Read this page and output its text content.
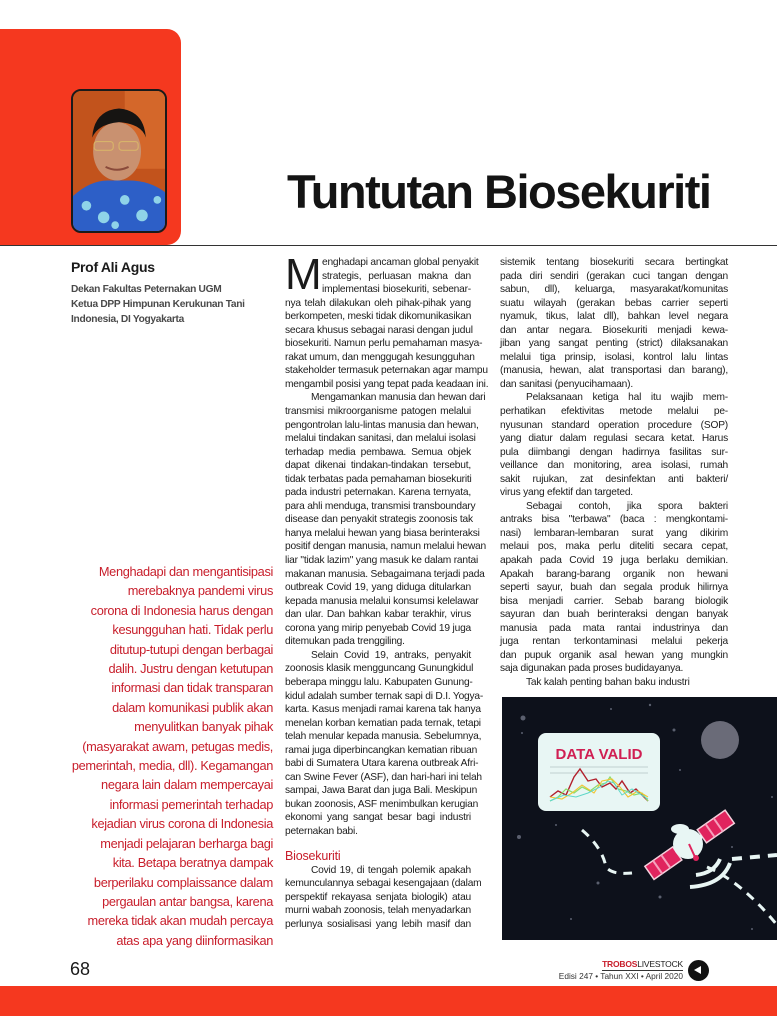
Tuntutan Biosekuriti
Prof Ali Agus
Dekan Fakultas Peternakan UGM
Ketua DPP Himpunan Kerukunan Tani
Indonesia, DI Yogyakarta
Menghadapi dan mengantisipasi
merebaknya pandemi virus
corona di Indonesia harus dengan
kesungguhan hati. Tidak perlu
ditutup-tutupi dengan berbagai
dalih. Justru dengan ketutupan
informasi dan tidak transparan
dalam komunikasi publik akan
menyulitkan banyak pihak
(masyarakat awam, petugas medis,
pemerintah, media, dll). Kegamangan
negara lain dalam mempercayai
informasi pemerintah terhadap
kejadian virus corona di Indonesia
menjadi pelajaran berharga bagi
kita. Betapa beratnya dampak
berperilaku complaissance dalam
pergaulan antar bangsa, karena
mereka tidak akan mudah percaya
atas apa yang diinformasikan
M enghadapi ancaman global penyakit
strategis, perluasan makna dan
implementasi biosekuriti, sebenar-
nya telah dilakukan oleh pihak-pihak yang
berkompeten, meski tidak dikomunikasikan
secara khusus sebagai narasi dengan judul
biosekuriti. Namun perlu pemahaman masya-
rakat umum, dan menggugah kesungguhan
stakeholder termasuk peternakan agar mampu
mengambil posisi yang tepat pada keadaan ini.
Mengamankan manusia dan hewan dari
transmisi mikroorganisme patogen melalui
pengontrolan lalu-lintas manusia dan hewan,
melalui tindakan sanitasi, dan melalui isolasi
terhadap media pembawa. Semua objek
dapat dikenai tindakan-tindakan tersebut,
tidak terbatas pada pemahaman biosekuriti
pada industri peternakan. Karena ternyata,
para ahli menduga, transmisi transboundary
disease dan penyakit strategis zoonosis tak
hanya melalui hewan yang biasa berinteraksi
positif dengan manusia, namun melalui hewan
liar "tidak lazim" yang masuk ke dalam rantai
makanan manusia. Sebagaimana terjadi pada
outbreak Covid 19, yang diduga ditularkan
kepada manusia melalui konsumsi kelelawar
dan ular. Dan bahkan kabar terakhir, virus
corona yang mirip penyebab Covid 19 juga
ditemukan pada trenggiling.
Selain Covid 19, antraks, penyakit
zoonosis klasik mengguncang Gunungkidul
beberapa minggu lalu. Kabupaten Gunung-
kidul adalah sumber ternak sapi di D.I. Yogya-
karta. Kasus menjadi ramai karena tak hanya
menelan korban kematian pada ternak, tetapi
telah menular kepada manusia. Sebelumnya,
ramai juga diperbincangkan kematian ribuan
babi di Sumatera Utara karena outbreak Afri-
can Swine Fever (ASF), dan hari-hari ini telah
sampai, Jawa Barat dan juga Bali. Meskipun
bukan zoonosis, ASF menimbulkan kerugian
ekonomi yang sangat besar bagi industri
peternakan babi.
Biosekuriti
Covid 19, di tengah polemik apakah
kemunculannya sebagai kesengajaan (dalam
perspektif rekayasa senjata biologik) atau
murni wabah zoonosis, telah menyadarkan
perlunya sosialisasi yang lebih masif dan
sistemik tentang biosekuriti secara bertingkat
pada diri sendiri (gerakan cuci tangan dengan
sabun, dll), keluarga, masyarakat/komunitas
suatu wilayah (gerakan bebas carrier seperti
nyamuk, tikus, lalat dll), bahkan level negara
dan antar negara. Biosekuriti menjadi kewa-
jiban yang sangat penting (strict) dilaksanakan
melalui tiga prinsip, isolasi, kontrol lalu lintas
(manusia, hewan, alat transportasi dan barang),
dan sanitasi (penyucihamaan).
Pelaksanaan ketiga hal itu wajib mem-
perhatikan efektivitas metode melalui pe-
nyusunan standard operation procedure (SOP)
yang diatur dalam regulasi secara ketat. Harus
pula diimbangi dengan hadirnya fasilitas sur-
veillance dan monitoring, area isolasi, rumah
sakit rujukan, zat desinfektan anti bakteri/
virus yang efektif dan targeted.
Sebagai contoh, jika spora bakteri
antraks bisa "terbawa" (baca : mengkontami-
nasi) lembaran-lembaran surat yang dikirim
melaui pos, maka perlu diteliti secara cepat,
apakah pada Covid 19 juga berlaku demikian.
Apakah barang-barang organik non hewani
seperti sayur, buah dan segala produk hilirnya
bisa menjadi carrier. Sebab barang biologik
sayuran dan buah berinteraksi dengan banyak
manusia pada mata rantai industrinya dan
juga rentan terkontaminasi melalui pekerja
dan pupuk organik asal hewan yang mungkin
saja digunakan pada proses budidayanya.
Tak kalah penting bahan baku industri
DATA VALID
68	TROBOSLIVESTOCK
Edisi 247 • Tahun XXI • April 2020
